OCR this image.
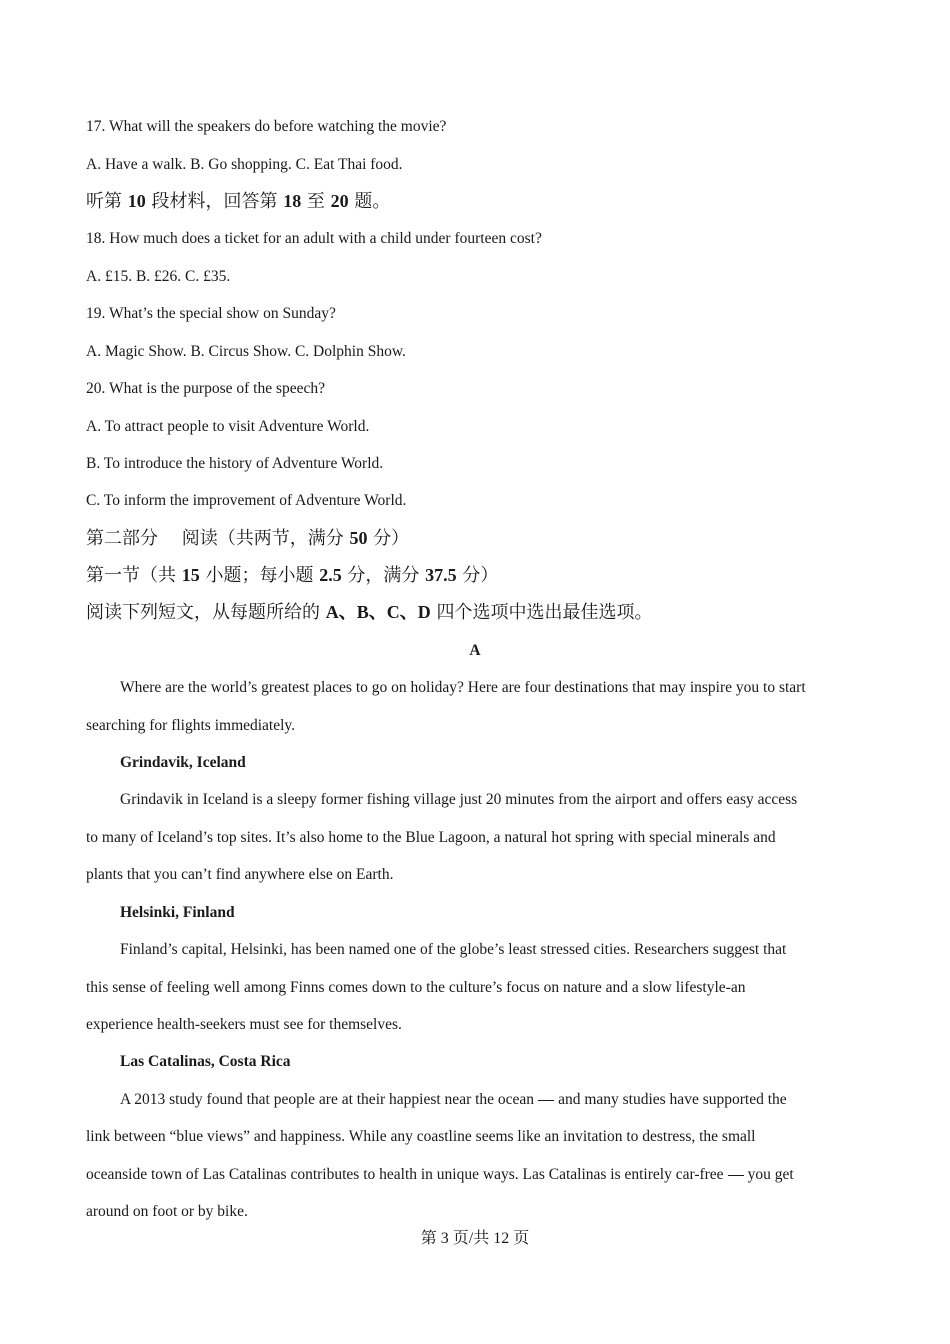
17. What will the speakers do before watching the movie?
A. Have a walk. B. Go shopping. C. Eat Thai food.
听第 10 段材料，回答第 18 至 20 题。
18. How much does a ticket for an adult with a child under fourteen cost?
A. £15. B. £26. C. £35.
19. What’s the special show on Sunday?
A. Magic Show. B. Circus Show. C. Dolphin Show.
20. What is the purpose of the speech?
A. To attract people to visit Adventure World.
B. To introduce the history of Adventure World.
C. To inform the improvement of Adventure World.
第二部分　 阅读（共两节，满分 50 分）
第一节（共 15 小题；每小题 2.5 分，满分 37.5 分）
阅读下列短文，从每题所给的 A、B、C、D 四个选项中选出最佳选项。
A
Where are the world’s greatest places to go on holiday? Here are four destinations that may inspire you to start
searching for flights immediately.
Grindavik, Iceland
Grindavik in Iceland is a sleepy former fishing village just 20 minutes from the airport and offers easy access
to many of Iceland’s top sites. It’s also home to the Blue Lagoon, a natural hot spring with special minerals and
plants that you can’t find anywhere else on Earth.
Helsinki, Finland
Finland’s capital, Helsinki, has been named one of the globe’s least stressed cities. Researchers suggest that
this sense of feeling well among Finns comes down to the culture’s focus on nature and a slow lifestyle-an
experience health-seekers must see for themselves.
Las Catalinas, Costa Rica
A 2013 study found that people are at their happiest near the ocean and many studies have supported the
link between “blue views” and happiness. While any coastline seems like an invitation to destress, the small
oceanside town of Las Catalinas contributes to health in unique ways. Las Catalinas is entirely car-free you get
around on foot or by bike.
第 3 页/共 12 页
